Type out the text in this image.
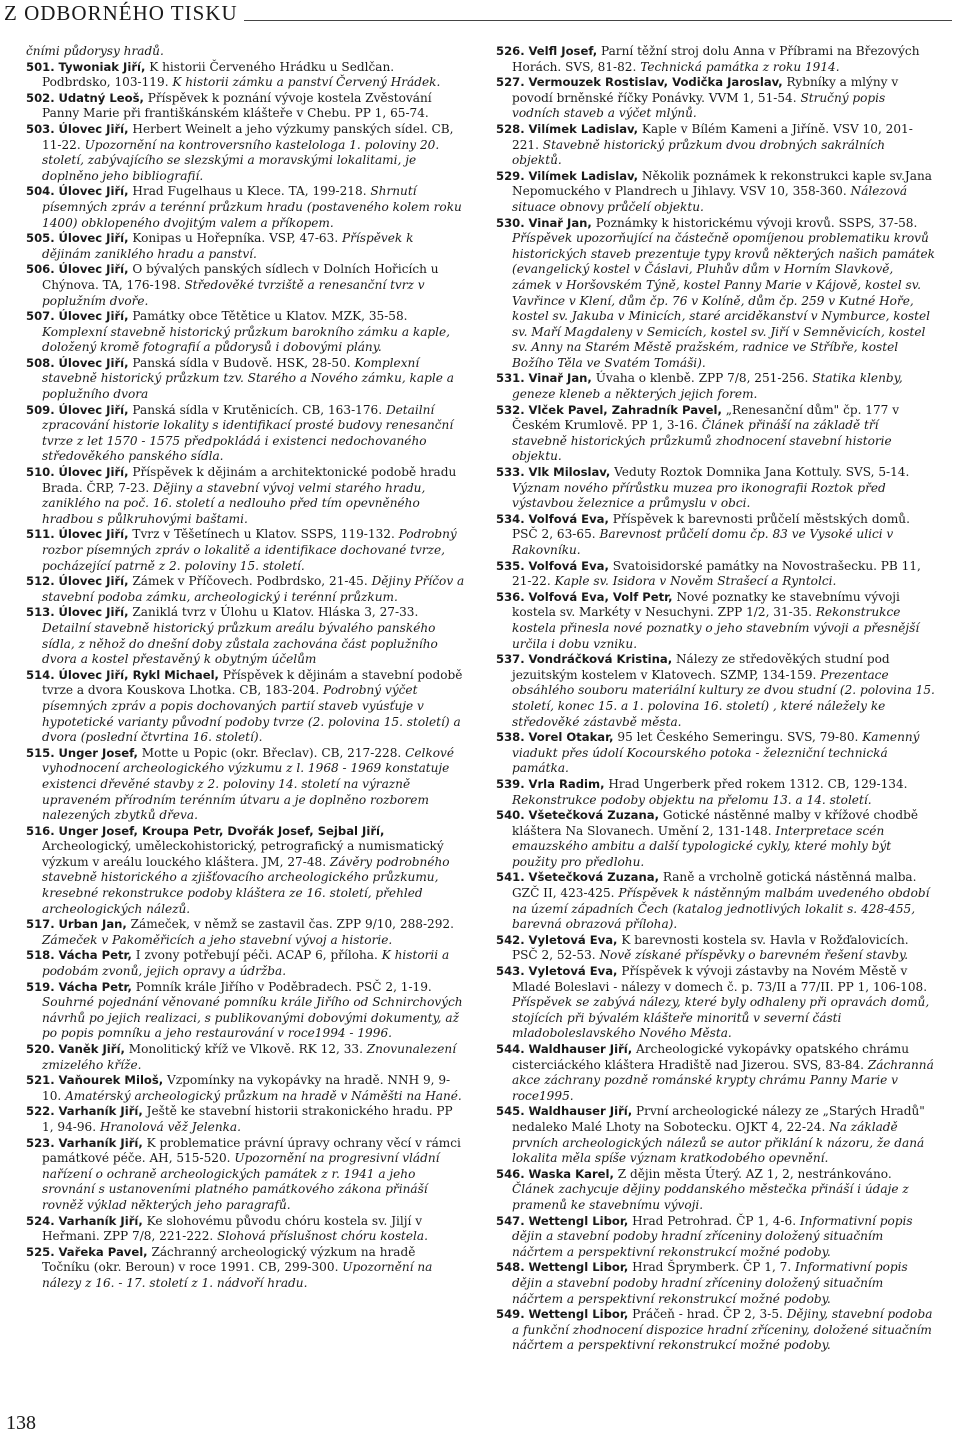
Z ODBORNÉHO TISKU

čními půdorysy hradů.

501. Tywoniak Jiří, K historii Červeného Hrádku u Sedlčan. Podbrdsko, 103-119. K historii zámku a panství Červený Hrádek.

502. Udatný Leoš, Příspěvek k poznání vývoje kostela Zvěstování Panny Marie při františkánském klášteře v Chebu. PP 1, 65-74.

503. Úlovec Jiří, Herbert Weinelt a jeho výzkumy panských sídel. CB, 11-22. Upozornění na kontroversního kastelologa 1. poloviny 20. století, zabývajícího se slezskými a moravskými lokalitami, je doplněno jeho bibliografií.

504. Úlovec Jiří, Hrad Fugelhaus u Klece. TA, 199-218. Shrnutí písemných zpráv a terénní průzkum hradu (postaveného kolem roku 1400) obklopeného dvojitým valem a příkopem.

505. Úlovec Jiří, Konipas u Hořepníka. VSP, 47-63. Příspěvek k dějinám zaniklého hradu a panství.

506. Úlovec Jiří, O bývalých panských sídlech v Dolních Hořicích u Chýnova. TA, 176-198. Středověké tvrziště a renesanční tvrz v poplužním dvoře.

507. Úlovec Jiří, Památky obce Tětětice u Klatov. MZK, 35-58. Komplexní stavebně historický průzkum barokního zámku a kaple, doložený kromě fotografií a půdorysů i dobovými plány.

508. Úlovec Jiří, Panská sídla v Budově. HSK, 28-50. Komplexní stavebně historický průzkum tzv. Starého a Nového zámku, kaple a poplužního dvora

509. Úlovec Jiří, Panská sídla v Krutěnicích. CB, 163-176. Detailní zpracování historie lokality s identifikací prosté budovy renesanční tvrze z let 1570 - 1575 předpokládá i existenci nedochovaného středověkého panského sídla.

510. Úlovec Jiří, Příspěvek k dějinám a architektonické podobě hradu Brada. ČRP, 7-23. Dějiny a stavební vývoj velmi starého hradu, zaniklého na poč. 16. století a nedlouho před tím opevněného hradbou s půlkruhovými baštami.

511. Úlovec Jiří, Tvrz v Těšetínech u Klatov. SSPS, 119-132. Podrobný rozbor písemných zpráv o lokalitě a identifikace dochované tvrze, pocházející patrně z 2. poloviny 15. století.

512. Úlovec Jiří, Zámek v Příčovech. Podbrdsko, 21-45. Dějiny Příčov a stavební podoba zámku, archeologický i terénní průzkum.

513. Úlovec Jiří, Zaniklá tvrz v Úlohu u Klatov. Hláska 3, 27-33. Detailní stavebně historický průzkum areálu bývalého panského sídla, z něhož do dnešní doby zůstala zachována část poplužního dvora a kostel přestavěný k obytným účelům

514. Úlovec Jiří, Rykl Michael, Příspěvek k dějinám a stavební podobě tvrze a dvora Kouskova Lhotka. CB, 183-204. Podrobný výčet písemných zpráv a popis dochovaných partií staveb vyúsťuje v hypotetické varianty původní podoby tvrze (2. polovina 15. století) a dvora (poslední čtvrtina 16. století).

515. Unger Josef, Motte u Popic (okr. Břeclav). CB, 217-228. Celkové vyhodnocení archeologického výzkumu z l. 1968 - 1969 konstatuje existenci dřevěné stavby z 2. poloviny 14. století na výrazně upraveném přírodním terénním útvaru a je doplněno rozborem nalezených zbytků dřeva.

516. Unger Josef, Kroupa Petr, Dvořák Josef, Sejbal Jiří, Archeologický, uměleckohistorický, petrografický a numismatický výzkum v areálu louckého kláštera. JM, 27-48. Závěry podrobného stavebně historického a zjišťovacího archeologického průzkumu, kresebné rekonstrukce podoby kláštera ze 16. století, přehled archeologických nálezů.

517. Urban Jan, Zámeček, v němž se zastavil čas. ZPP 9/10, 288-292. Zámeček v Pakoměřicích a jeho stavební vývoj a historie.

518. Vácha Petr, I zvony potřebují péči. ACAP 6, příloha. K historii a podobám zvonů, jejich opravy a údržba.

519. Vácha Petr, Pomník krále Jiřího v Poděbradech. PSČ 2, 1-19. Souhrné pojednání věnované pomníku krále Jiřího od Schnirchových návrhů po jejich realizaci, s publikovanými dobovými dokumenty, až po popis pomníku a jeho restaurování v roce1994 - 1996.

520. Vaněk Jiří, Monolitický kříž ve Vlkově. RK 12, 33. Znovunalezení zmizelého kříže.

521. Vaňourek Miloš, Vzpomínky na vykopávky na hradě. NNH 9, 9-10. Amatérský archeologický průzkum na hradě v Náměšti na Hané.

522. Varhaník Jiří, Ještě ke stavební historii strakonického hradu. PP 1, 94-96. Hranolová věž Jelenka.

523. Varhaník Jiří, K problematice právní úpravy ochrany věcí v rámci památkové péče. AH, 515-520. Upozornění na progresivní vládní nařízení o ochraně archeologických památek z r. 1941 a jeho srovnání s ustanoveními platného památkového zákona přináší rovněž výklad některých jeho paragrafů.

524. Varhaník Jiří, Ke slohovému původu chóru kostela sv. Jiljí v Heřmani. ZPP 7/8, 221-222. Slohová příslušnost chóru kostela.

525. Vařeka Pavel, Záchranný archeologický výzkum na hradě Točníku (okr. Beroun) v roce 1991. CB, 299-300. Upozornění na nálezy z 16. - 17. století z 1. nádvoří hradu.

526. Velfl Josef, Parní těžní stroj dolu Anna v Příbrami na Březových Horách. SVS, 81-82. Technická památka z roku 1914.

527. Vermouzek Rostislav, Vodička Jaroslav, Rybníky a mlýny v povodí brněnské říčky Ponávky. VVM 1, 51-54. Stručný popis vodních staveb a výčet mlýnů.

528. Vilímek Ladislav, Kaple v Bílém Kameni a Jiříně. VSV 10, 201-221. Stavebně historický průzkum dvou drobných sakrálních objektů.

529. Vilímek Ladislav, Několik poznámek k rekonstrukci kaple sv.Jana Nepomuckého v Plandrech u Jihlavy. VSV 10, 358-360. Nálezová situace obnovy průčelí objektu.

530. Vinař Jan, Poznámky k historickému vývoji krovů. SSPS, 37-58. Příspěvek upozorňující na částečně opomíjenou problematiku krovů historických staveb prezentuje typy krovů některých našich památek (evangelický kostel v Čáslavi, Pluhův dům v Horním Slavkově, zámek v Horšovském Týně, kostel Panny Marie v Kájově, kostel sv. Vavřince v Klení, dům čp. 76 v Kolíně, dům čp. 259 v Kutné Hoře, kostel sv. Jakuba v Minicích, staré arciděkanství v Nymburce, kostel sv. Maří Magdaleny v Semicích, kostel sv. Jiří v Semněvicích, kostel sv. Anny na Starém Městě pražském, radnice ve Stříbře, kostel Božího Těla ve Svatém Tomáši).

531. Vinař Jan, Úvaha o klenbě. ZPP 7/8, 251-256. Statika klenby, geneze kleneb a některých jejich forem.

532. Vlček Pavel, Zahradník Pavel, „Renesanční dům" čp. 177 v Českém Krumlově. PP 1, 3-16. Článek přináší na základě tří stavebně historických průzkumů zhodnocení stavební historie objektu.

533. Vlk Miloslav, Veduty Roztok Domnika Jana Kottuly. SVS, 5-14. Význam nového přírůstku muzea pro ikonografii Roztok před výstavbou železnice a průmyslu v obci.

534. Volfová Eva, Příspěvek k barevnosti průčelí městských domů. PSČ 2, 63-65. Barevnost průčelí domu čp. 83 ve Vysoké ulici v Rakovníku.

535. Volfová Eva, Svatoisidorské památky na Novostrašecku. PB 11, 21-22. Kaple sv. Isidora v Nověm Strašecí a Ryntolci.

536. Volfová Eva, Volf Petr, Nové poznatky ke stavebnímu vývoji kostela sv. Markéty v Nesuchyni. ZPP 1/2, 31-35. Rekonstrukce kostela přinesla nové poznatky o jeho stavebním vývoji a přesnější určila i dobu vzniku.

537. Vondráčková Kristina, Nálezy ze středověkých studní pod jezuitským kostelem v Klatovech. SZMP, 134-159. Prezentace obsáhlého souboru materiální kultury ze dvou studní (2. polovina 15. století, konec 15. a 1. polovina 16. století) , které náležely ke středověké zástavbě města.

538. Vorel Otakar, 95 let Českého Semeringu. SVS, 79-80. Kamenný viadukt přes údolí Kocourského potoka - železniční technická památka.

539. Vrla Radim, Hrad Ungerberk před rokem 1312. CB, 129-134. Rekonstrukce podoby objektu na přelomu 13. a 14. století.

540. Všetečková Zuzana, Gotické nástěnné malby v křížové chodbě kláštera Na Slovanech. Umění 2, 131-148. Interpretace scén emauzského ambitu a další typologické cykly, které mohly být použity pro předlohu.

541. Všetečková Zuzana, Raně a vrcholně gotická nástěnná malba. GZČ II, 423-425. Příspěvek k nástěnným malbám uvedeného období na území západních Čech (katalog jednotlivých lokalit s. 428-455, barevná obrazová příloha).

542. Vyletová Eva, K barevnosti kostela sv. Havla v Rožďalovicích. PSČ 2, 52-53. Nově získané příspěvky o barevném řešení stavby.

543. Vyletová Eva, Příspěvek k vývoji zástavby na Novém Městě v Mladé Boleslavi - nálezy v domech č. p. 73/II a 77/II. PP 1, 106-108. Příspěvek se zabývá nálezy, které byly odhaleny při opravách domů, stojících při bývalém klášteře minoritů v severní části mladoboleslavského Nového Města.

544. Waldhauser Jiří, Archeologické vykopávky opatského chrámu cisterciáckého kláštera Hradiště nad Jizerou. SVS, 83-84. Záchranná akce záchrany pozdně románské krypty chrámu Panny Marie v roce1995.

545. Waldhauser Jiří, První archeologické nálezy ze „Starých Hradů" nedaleko Malé Lhoty na Sobotecku. OJKT 4, 22-24. Na základě prvních archeologických nálezů se autor přiklání k názoru, že daná lokalita měla spíše význam kratkodobého opevnění.

546. Waska Karel, Z dějin města Úterý. AZ 1, 2, nestránkováno. Článek zachycuje dějiny poddanského městečka přináší i údaje z pramenů ke stavebnímu vývoji.

547. Wettengl Libor, Hrad Petrohrad. ČP 1, 4-6. Informativní popis dějin a stavební podoby hradní zříceniny doložený situačním náčrtem a perspektivní rekonstrukcí možné podoby.

548. Wettengl Libor, Hrad Šprymberk. ČP 1, 7. Informativní popis dějin a stavební podoby hradní zříceniny doložený situačním náčrtem a perspektivní rekonstrukcí možné podoby.

549. Wettengl Libor, Práčeň - hrad. ČP 2, 3-5. Dějiny, stavební podoba a funkční zhodnocení dispozice hradní zříceniny, doložené situačním náčrtem a perspektivní rekonstrukcí možné podoby.

138
